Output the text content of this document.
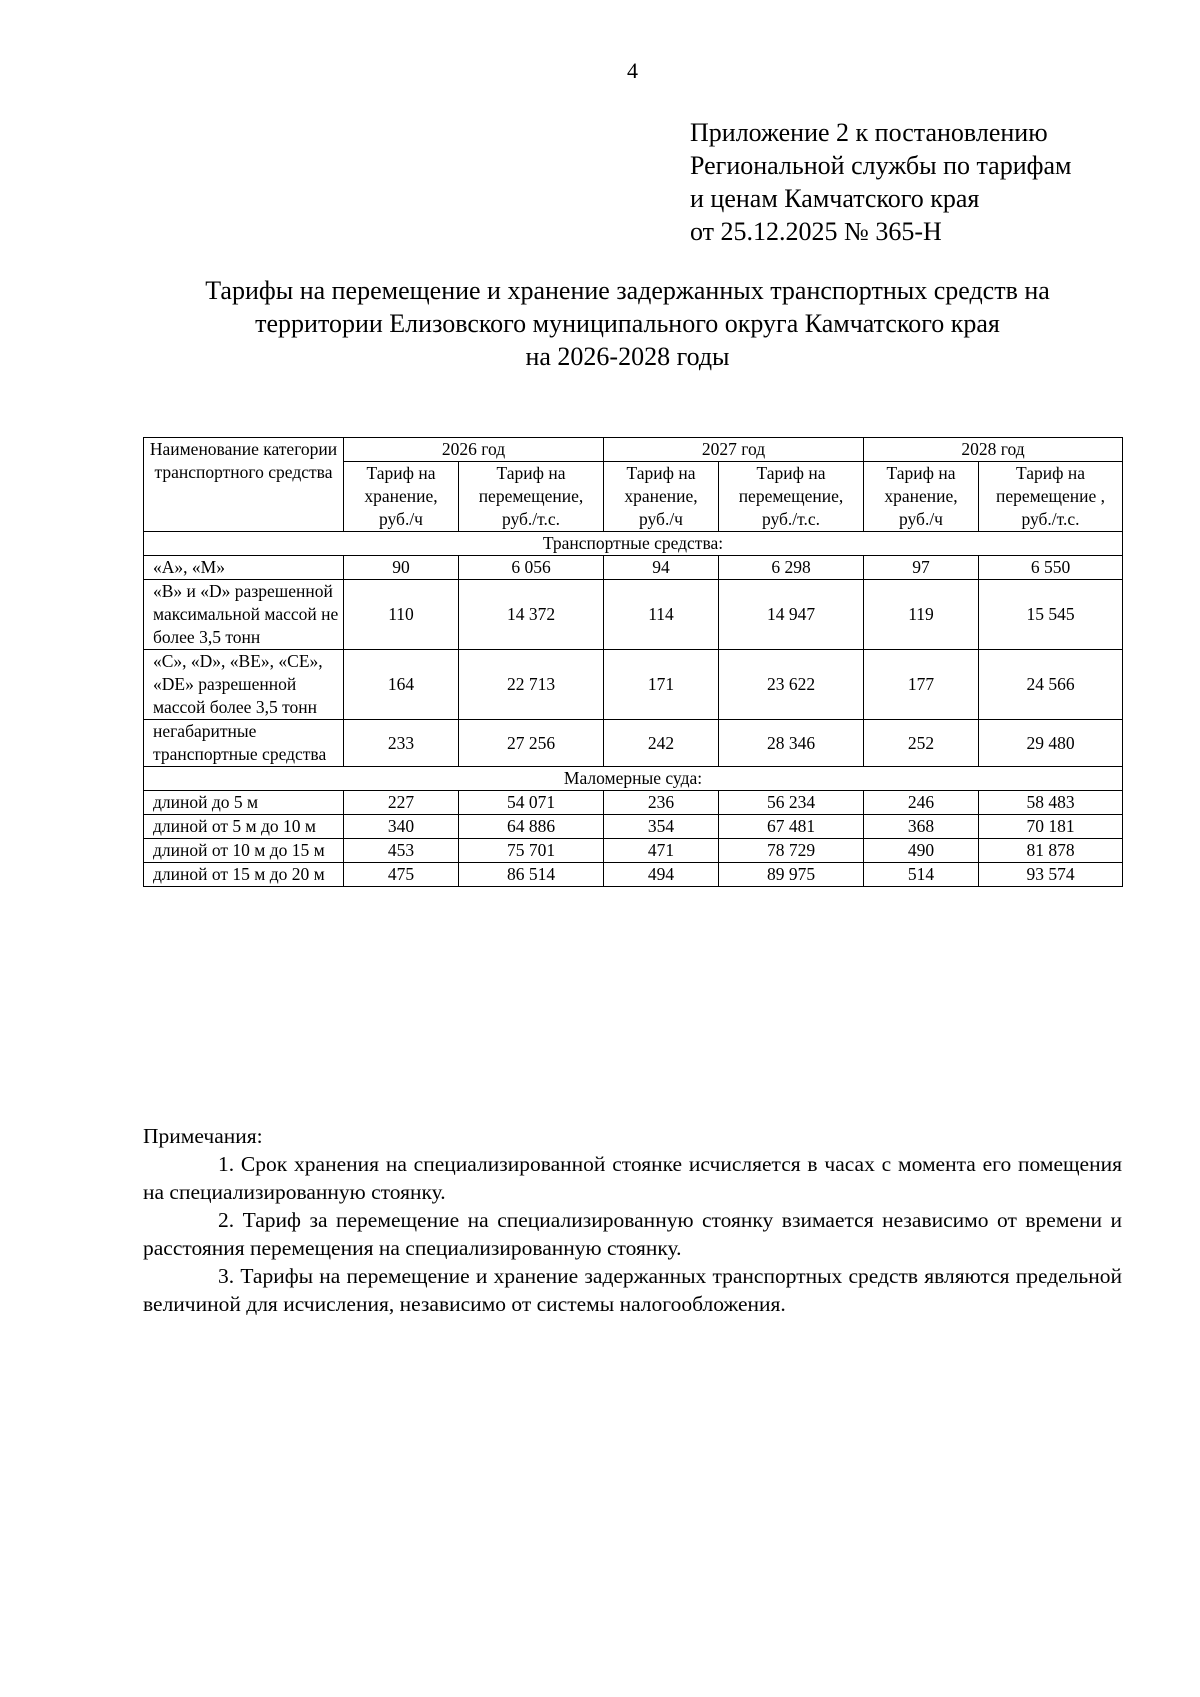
4
Приложение 2 к постановлению
Региональной службы по тарифам
и ценам Камчатского края
от 25.12.2025 № 365-Н
Тарифы на перемещение и хранение задержанных транспортных средств на
территории Елизовского муниципального округа Камчатского края
на 2026-2028 годы
Наименование категории транспортного средства	2026 год		2027 год		2028 год	
	Тариф на хранение, руб./ч	Тариф на перемещение, руб./т.с.	Тариф на хранение, руб./ч	Тариф на перемещение, руб./т.с.	Тариф на хранение, руб./ч	Тариф на перемещение , руб./т.с.
Транспортные средства:						
«A», «M»	90	6 056	94	6 298	97	6 550
«B» и «D» разрешенной максимальной массой не более 3,5 тонн	110	14 372	114	14 947	119	15 545
«C», «D», «BE», «CE», «DE» разрешенной массой более 3,5 тонн	164	22 713	171	23 622	177	24 566
негабаритные транспортные средства	233	27 256	242	28 346	252	29 480
Маломерные суда:						
длиной до 5 м	227	54 071	236	56 234	246	58 483
длиной от 5 м до 10 м	340	64 886	354	67 481	368	70 181
длиной от 10 м до 15 м	453	75 701	471	78 729	490	81 878
длиной от 15 м до 20 м	475	86 514	494	89 975	514	93 574

Примечания:

1. Срок хранения на специализированной стоянке исчисляется в часах с момента его помещения на специализированную стоянку.

2. Тариф за перемещение на специализированную стоянку взимается независимо от времени и расстояния перемещения на специализированную стоянку.

3. Тарифы на перемещение и хранение задержанных транспортных средств являются предельной величиной для исчисления, независимо от системы налогообложения.
